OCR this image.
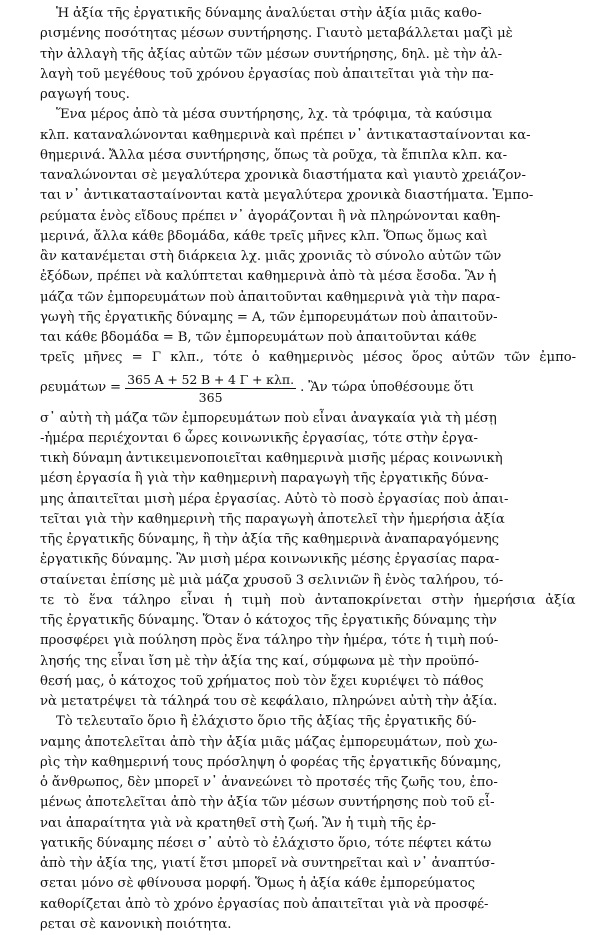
Ἡ ἀξία τῆς ἐργατικῆς δύναμης ἀναλύεται στὴν ἀξία μιᾶς καθο-
ρισμένης ποσότητας μέσων συντήρησης. Γιαυτὸ μεταβάλλεται μαζὶ μὲ
τὴν ἀλλαγὴ τῆς ἀξίας αὐτῶν τῶν μέσων συντήρησης, δηλ. μὲ τὴν ἀλ-
λαγὴ τοῦ μεγέθους τοῦ χρόνου ἐργασίας ποὺ ἀπαιτεῖται γιὰ τὴν πα-
ραγωγή τους.

Ἕνα μέρος ἀπὸ τὰ μέσα συντήρησης, λχ. τὰ τρόφιμα, τὰ καύσιμα
κλπ. καταναλώνονται καθημερινὰ καὶ πρέπει ν᾽ ἀντικατασταίνονται κα-
θημερινά. Ἄλλα μέσα συντήρησης, ὅπως τὰ ροῦχα, τὰ ἔπιπλα κλπ. κα-
ταναλώνονται σὲ μεγαλύτερα χρονικὰ διαστήματα καὶ γιαυτὸ χρειάζον-
ται ν᾽ ἀντικατασταίνονται κατὰ μεγαλύτερα χρονικὰ διαστήματα. Ἐμπο-
ρεύματα ἑνὸς εἴδους πρέπει ν᾽ ἀγοράζονται ἢ νὰ πληρώνονται καθη-
μερινά, ἄλλα κάθε βδομάδα, κάθε τρεῖς μῆνες κλπ. Ὅπως ὅμως καὶ
ἂν κατανέμεται στὴ διάρκεια λχ. μιᾶς χρονιᾶς τὸ σύνολο αὐτῶν τῶν
ἐξόδων, πρέπει νὰ καλύπτεται καθημερινὰ ἀπὸ τὰ μέσα ἔσοδα. Ἂν ἡ
μάζα τῶν ἐμπορευμάτων ποὺ ἀπαιτοῦνται καθημερινὰ γιὰ τὴν παρα-
γωγὴ τῆς ἐργατικῆς δύναμης = A, τῶν ἐμπορευμάτων ποὺ ἀπαιτοῦν-
ται κάθε βδομάδα = B, τῶν ἐμπορευμάτων ποὺ ἀπαιτοῦνται κάθε
τρεῖς μῆνες = Γ κλπ., τότε ὁ καθημερινὸς μέσος ὅρος αὐτῶν τῶν ἐμπο-
$\rho\varepsilon\upsilon\mu ά\tau\omega\nu = \frac{\text{365 A + 52 B + 4 Γ + κλπ.}}{365}$ . Ἂν τώρα ὑποθέσουμε ὅτι
σ᾽ αὐτὴ τὴ μάζα τῶν ἐμπορευμάτων ποὺ εἶναι ἀναγκαία γιὰ τὴ μέσῃ
-ἡμέρα περιέχονται 6 ὧρες κοινωνικῆς ἐργασίας, τότε στὴν ἐργα-
τικὴ δύναμη ἀντικειμενοποιεῖται καθημερινὰ μισῆς μέρας κοινωνικὴ
μέση ἐργασία ἢ γιὰ τὴν καθημερινὴ παραγωγὴ τῆς ἐργατικῆς δύνα-
μης ἀπαιτεῖται μισὴ μέρα ἐργασίας. Αὐτὸ τὸ ποσὸ ἐργασίας ποὺ ἀπαι-
τεῖται γιὰ τὴν καθημερινὴ τῆς παραγωγὴ ἀποτελεῖ τὴν ἡμερήσια ἀξία
τῆς ἐργατικῆς δύναμης, ἢ τὴν ἀξία τῆς καθημερινὰ ἀναπαραγόμενης
ἐργατικῆς δύναμης. Ἂν μισὴ μέρα κοινωνικῆς μέσης ἐργασίας παρα-
σταίνεται ἐπίσης μὲ μιὰ μάζα χρυσοῦ 3 σελινιῶν ἢ ἑνὸς ταλήρου, τό-
τε τὸ ἕνα τάληρο εἶναι ἡ τιμὴ ποὺ ἀνταποκρίνεται στὴν ἡμερήσια ἀξία
τῆς ἐργατικῆς δύναμης. Ὅταν ὁ κάτοχος τῆς ἐργατικῆς δύναμης τὴν
προσφέρει γιὰ πούληση πρὸς ἕνα τάληρο τὴν ἡμέρα, τότε ἡ τιμὴ πού-
λησής της εἶναι ἴση μὲ τὴν ἀξία της καί, σύμφωνα μὲ τὴν προϋπό-
θεσή μας, ὁ κάτοχος τοῦ χρήματος ποὺ τὸν ἔχει κυριέψει τὸ πάθος
νὰ μετατρέψει τὰ τάληρά του σὲ κεφάλαιο, πληρώνει αὐτὴ τὴν ἀξία.

Τὸ τελευταῖο ὅριο ἢ ἐλάχιστο ὅριο τῆς ἀξίας τῆς ἐργατικῆς δύ-
ναμης ἀποτελεῖται ἀπὸ τὴν ἀξία μιᾶς μάζας ἐμπορευμάτων, ποὺ χω-
ρὶς τὴν καθημερινή τους πρόσληψη ὁ φορέας τῆς ἐργατικῆς δύναμης,
ὁ ἄνθρωπος, δὲν μπορεῖ ν᾽ ἀνανεώνει τὸ προτσές τῆς ζωῆς του, ἑπο-
μένως ἀποτελεῖται ἀπὸ τὴν ἀξία τῶν μέσων συντήρησης ποὺ τοῦ εἶ-
ναι ἀπαραίτητα γιὰ νὰ κρατηθεῖ στὴ ζωή. Ἂν ἡ τιμὴ τῆς ἐρ-
γατικῆς δύναμης πέσει σ᾽ αὐτὸ τὸ ἐλάχιστο ὅριο, τότε πέφτει κάτω
ἀπὸ τὴν ἀξία της, γιατί ἔτσι μπορεῖ νὰ συντηρεῖται καὶ ν᾽ ἀναπτύσ-
σεται μόνο σὲ φθίνουσα μορφή. Ὅμως ἡ ἀξία κάθε ἐμπορεύματος
καθορίζεται ἀπὸ τὸ χρόνο ἐργασίας ποὺ ἀπαιτεῖται γιὰ νὰ προσφέ-
ρεται σὲ κανονικὴ ποιότητα.
